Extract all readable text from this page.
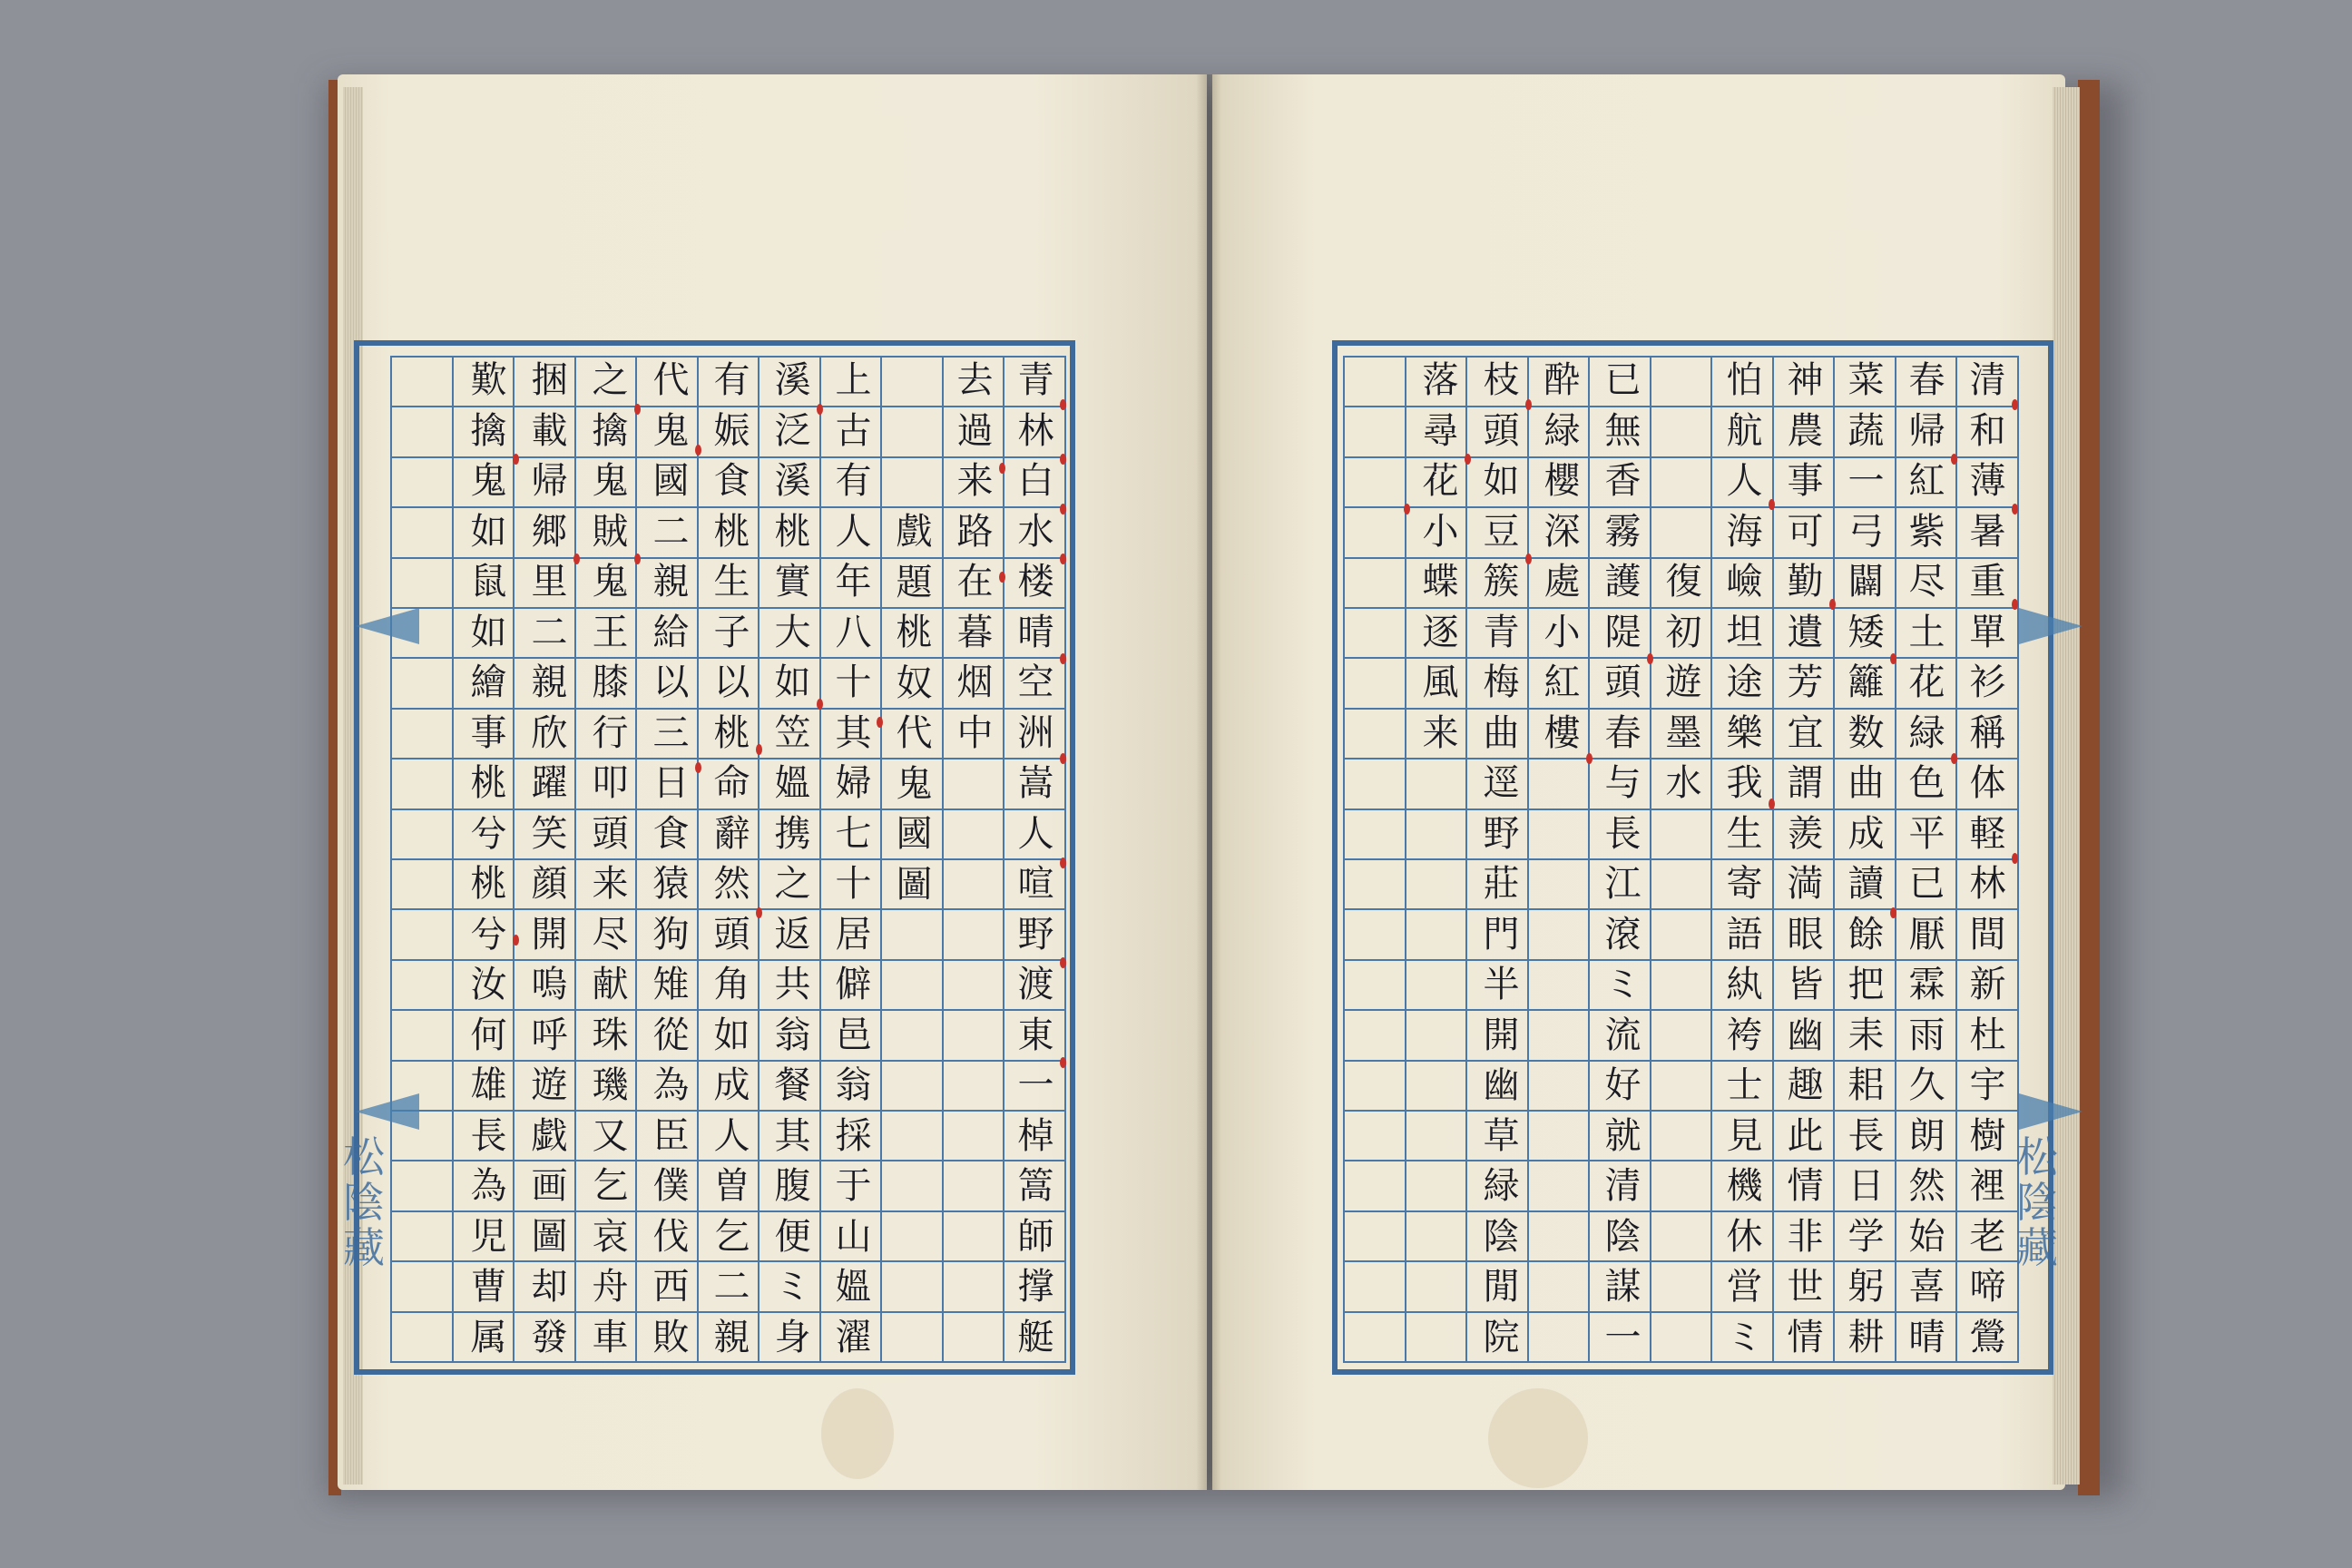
青
林
白
水
楼
晴
空
洲
嵩
人
喧
野
渡
東
一
棹
篙
師
撑
艇
去
過
来
路
在
暮
烟
中
戲
題
桃
奴
代
鬼
國
圖
上
古
有
人
年
八
十
其
婦
七
十
居
僻
邑
翁
採
于
山
媼
濯
溪
泛
溪
桃
實
大
如
笠
媼
携
之
返
共
翁
餐
其
腹
便
ミ
身
有
娠
食
桃
生
子
以
桃
命
辭
然
頭
角
如
成
人
曽
乞
二
親
代
鬼
國
二
親
給
以
三
日
食
猿
狗
雉
從
為
臣
僕
伐
西
敗
之
擒
鬼
賊
鬼
王
膝
行
叩
頭
来
尽
献
珠
璣
又
乞
哀
舟
車
捆
載
帰
郷
里
二
親
欣
躍
笑
顔
開
嗚
呼
遊
戯
画
圖
却
發
歎
擒
鬼
如
鼠
如
繪
事
桃
兮
桃
兮
汝
何
雄
長
為
児
曹
属
清
和
薄
暑
重
單
衫
稱
体
軽
林
間
新
杜
宇
樹
裡
老
啼
鶯
春
帰
紅
紫
尽
土
花
緑
色
平
已
厭
霖
雨
久
朗
然
始
喜
晴
菜
蔬
一
弓
闢
矮
籬
数
曲
成
讀
餘
把
耒
耜
長
日
学
躬
耕
神
農
事
可
勤
遺
芳
宜
謂
羨
満
眼
皆
幽
趣
此
情
非
世
情
怕
航
人
海
嶮
坦
途
樂
我
生
寄
語
紈
袴
士
見
機
休
営
ミ
復
初
遊
墨
水
已
無
香
霧
護
隄
頭
春
与
長
江
滾
ミ
流
好
就
清
陰
謀
一
酔
緑
櫻
深
處
小
紅
樓
枝
頭
如
豆
簇
青
梅
曲
逕
野
莊
門
半
開
幽
草
緑
陰
閒
院
落
尋
花
小
蝶
逐
風
来
松
陰
藏
松
陰
藏
